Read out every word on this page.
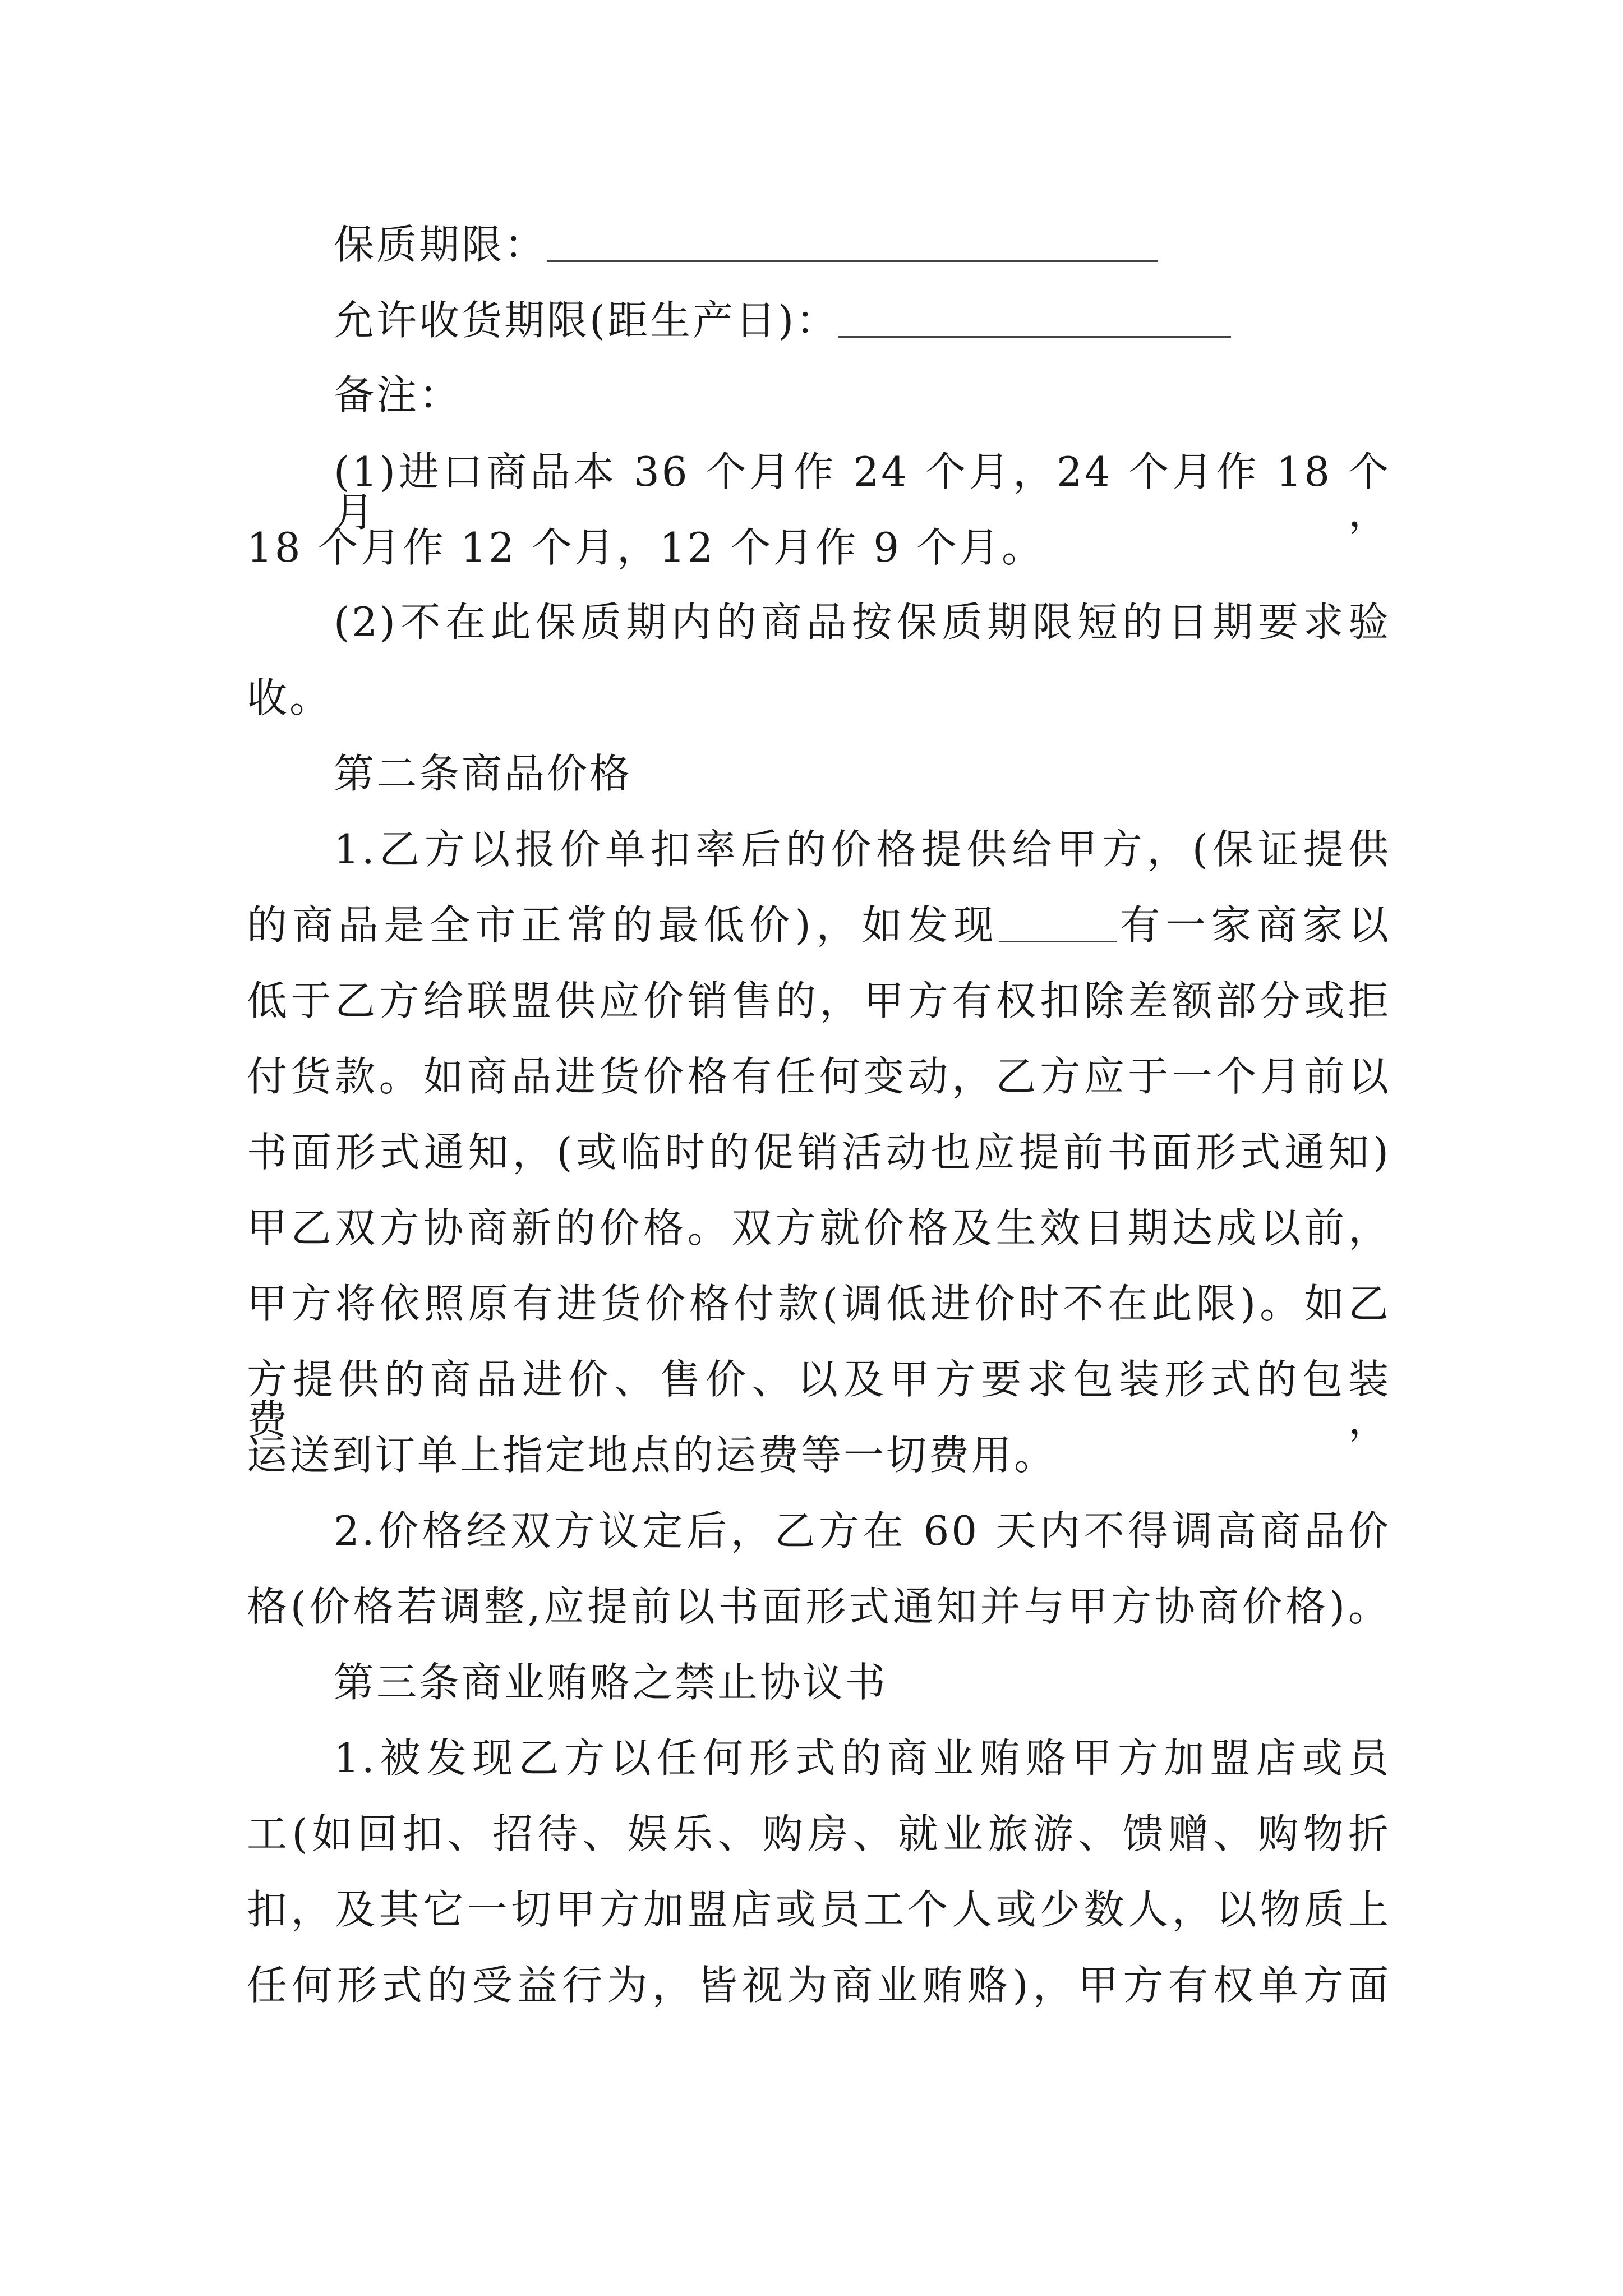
保质期限：
允许收货期限(距生产日)：
备注：
(1)进口商品本 36 个月作 24 个月，24 个月作 18 个月，
18 个月作 12 个月，12 个月作 9 个月。
(2)不在此保质期内的商品按保质期限短的日期要求验
收。
第二条商品价格
1.乙方以报价单扣率后的价格提供给甲方，(保证提供
的商品是全市正常的最低价)，如发现	有一家商家以
低于乙方给联盟供应价销售的，甲方有权扣除差额部分或拒
付货款。如商品进货价格有任何变动，乙方应于一个月前以
书面形式通知，(或临时的促销活动也应提前书面形式通知)
甲乙双方协商新的价格。双方就价格及生效日期达成以前，
甲方将依照原有进货价格付款(调低进价时不在此限)。如乙
方提供的商品进价、售价、以及甲方要求包装形式的包装费，
运送到订单上指定地点的运费等一切费用。
2.价格经双方议定后，乙方在 60 天内不得调高商品价
格(价格若调整,应提前以书面形式通知并与甲方协商价格)。
第三条商业贿赂之禁止协议书
1.被发现乙方以任何形式的商业贿赂甲方加盟店或员
工(如回扣、招待、娱乐、购房、就业旅游、馈赠、购物折
扣，及其它一切甲方加盟店或员工个人或少数人，以物质上
任何形式的受益行为，皆视为商业贿赂)，甲方有权单方面
